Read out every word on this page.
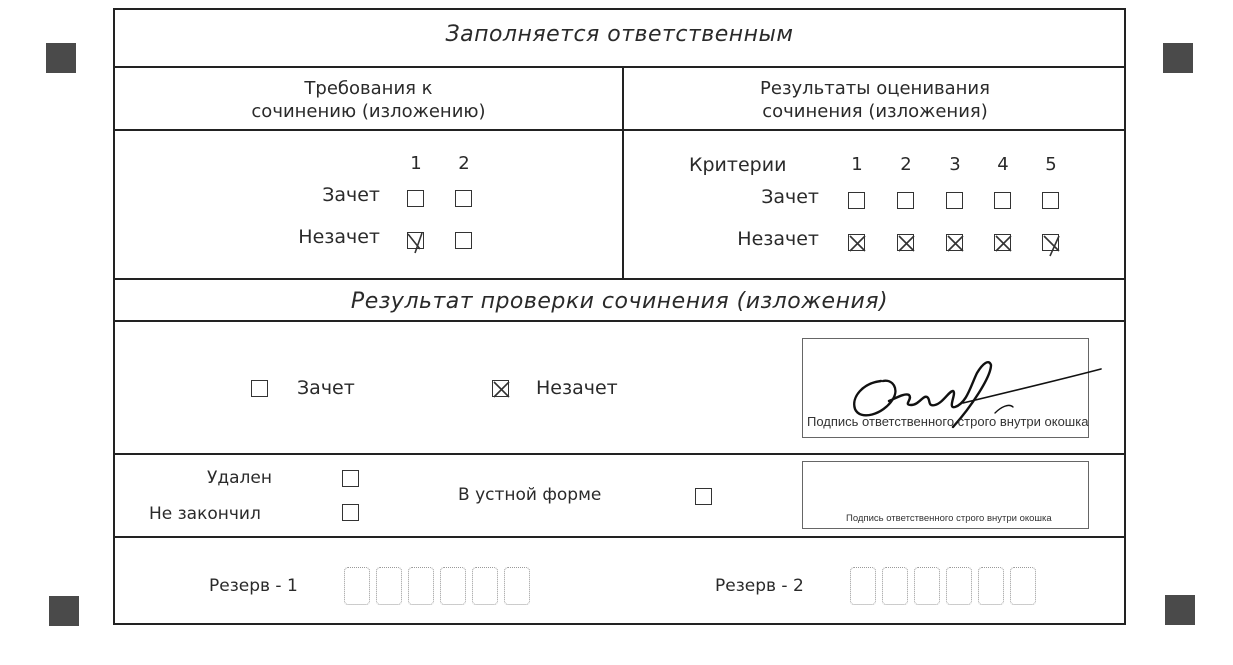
Заполняется ответственным
Требования к
сочинению (изложению)
Результаты оценивания
сочинения (изложения)
1 2
Зачет
Незачет
Критерии	1 2 3 4 5
Зачет
Незачет
Результат проверки сочинения (изложения)
Зачет	Незачет
Подпись ответственного строго внутри окошка
Удален
Не закончил
В устной форме
Подпись ответственного строго внутри окошка
Резерв - 1	Резерв - 2
